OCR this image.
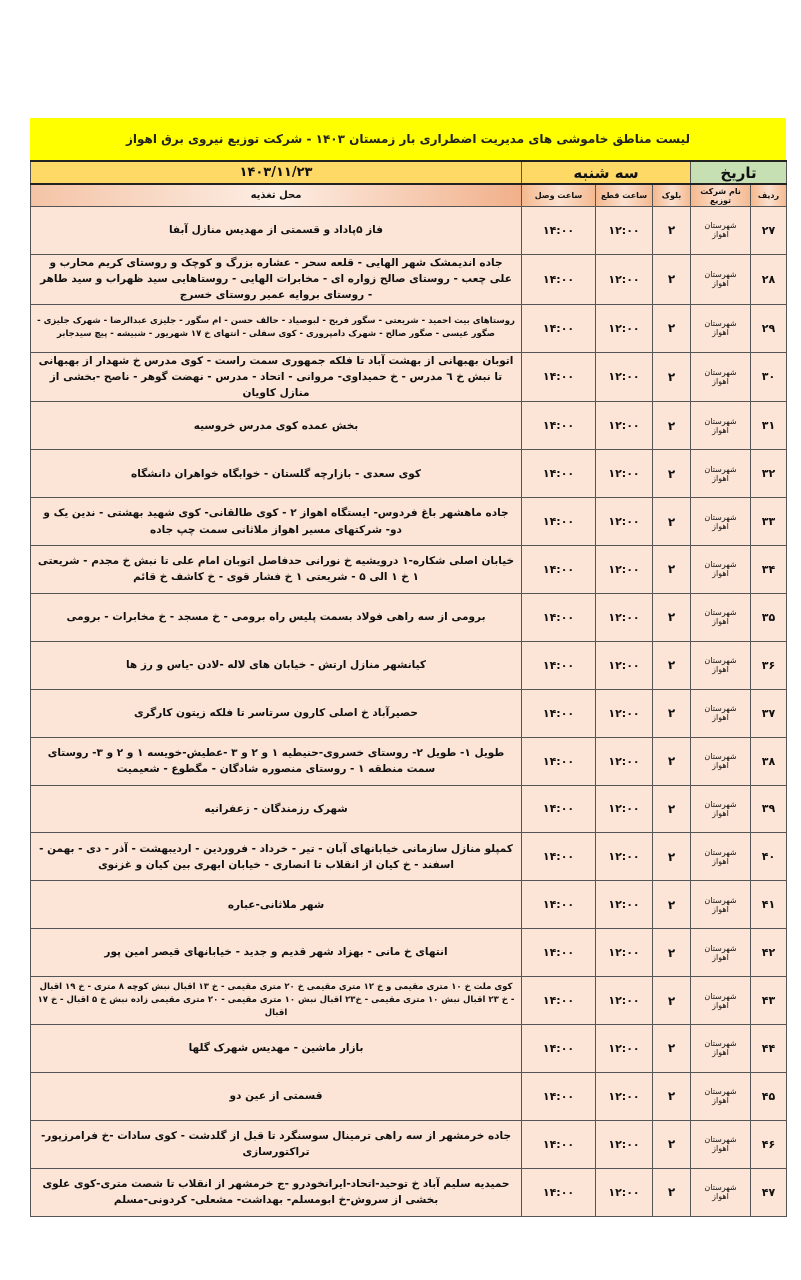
لیست مناطق خاموشی های مدیریت اضطراری بار زمستان ۱۴۰۳ - شرکت توزیع نیروی برق اهواز
تاریخ		سه شنبه			۱۴۰۳/۱۱/۲۳
ردیف	نام شرکت توزیع	بلوک	ساعت قطع	ساعت وصل	محل تغذیه
۲۷	شهرستان اهواز	۲	۱۲:۰۰	۱۴:۰۰	فاز ۵پاداد و قسمتی از مهدیس منازل آبفا
۲۸	شهرستان اهواز	۲	۱۲:۰۰	۱۴:۰۰	جاده اندیمشک شهر الهایی - قلعه سحر - عشاره بزرگ و کوچک و روستای کریم محارب و علی چعب - روستای صالح زواره ای - مخابرات الهایی - روستاهایی سید ظهراب و سید طاهر - روستای بروایه عمیر روستای خسرج
۲۹	شهرستان اهواز	۲	۱۲:۰۰	۱۴:۰۰	روستاهای بیت احمید - شریعتی - سگور فریح - لبوصیاد - حالف حسن - ام سگور - جلیزی عبدالرضا - شهرک جلیزی - صگور عیسی - صگور صالح - شهرک دامپروری - کوی سفلی - انتهای خ ۱۷ شهریور - شبیشه - پیچ سیدجابر
۳۰	شهرستان اهواز	۲	۱۲:۰۰	۱۴:۰۰	اتوبان بهبهانی از بهشت آباد تا فلکه جمهوری سمت راست - کوی مدرس خ شهدار از بهبهانی تا نبش خ ٦ مدرس - خ حمیداوی- مروانی - اتحاد - مدرس - نهضت گوهر - ناصح -بخشی از منازل کاویان
۳۱	شهرستان اهواز	۲	۱۲:۰۰	۱۴:۰۰	بخش عمده کوی مدرس خروسیه
۳۲	شهرستان اهواز	۲	۱۲:۰۰	۱۴:۰۰	کوی سعدی - بازارچه گلستان - خوابگاه خواهران دانشگاه
۳۳	شهرستان اهواز	۲	۱۲:۰۰	۱۴:۰۰	جاده ماهشهر باغ فردوس- ایستگاه اهواز ۲ - کوی طالقانی- کوی شهید بهشتی - ندین یک و دو- شرکتهای مسیر اهواز ملاثانی سمت چپ جاده
۳۴	شهرستان اهواز	۲	۱۲:۰۰	۱۴:۰۰	خیابان اصلی شکاره-۱ درویشیه خ نورانی حدفاصل اتوبان امام علی تا نبش خ مجدم - شریعتی ۱ خ ۱ الی ۵ - شریعتی ۱ خ فشار قوی - خ کاشف خ قائم
۳۵	شهرستان اهواز	۲	۱۲:۰۰	۱۴:۰۰	برومی از سه راهی فولاد بسمت پلیس راه برومی - خ مسجد - خ مخابرات - برومی
۳۶	شهرستان اهواز	۲	۱۲:۰۰	۱۴:۰۰	کیانشهر منازل ارتش - خیابان های لاله -لادن -یاس و رز ها
۳۷	شهرستان اهواز	۲	۱۲:۰۰	۱۴:۰۰	حصیرآباد خ اصلی کارون سرتاسر تا فلکه زیتون کارگری
۳۸	شهرستان اهواز	۲	۱۲:۰۰	۱۴:۰۰	طویل ۱- طویل ۲- روستای خسروی-حنیطیه ۱ و ۲ و ۳ -عطیش-خویسه ۱ و ۲ و ۳- روستای سمت منطقه ۱ - روستای منصوره شادگان - مگطوع - شعیمیت
۳۹	شهرستان اهواز	۲	۱۲:۰۰	۱۴:۰۰	شهرک رزمندگان - زعفرانیه
۴۰	شهرستان اهواز	۲	۱۲:۰۰	۱۴:۰۰	کمپلو منازل سازمانی خیابانهای آبان - تیر - خرداد - فروردین - اردیبهشت - آذر - دی - بهمن - اسفند - خ کیان از انقلاب تا انصاری - خیابان ابهری بین کیان و غزنوی
۴۱	شهرستان اهواز	۲	۱۲:۰۰	۱۴:۰۰	شهر ملاثانی-عباره
۴۲	شهرستان اهواز	۲	۱۲:۰۰	۱۴:۰۰	انتهای خ مانی - بهزاد شهر قدیم و جدید - خیابانهای قیصر امین پور
۴۳	شهرستان اهواز	۲	۱۲:۰۰	۱۴:۰۰	کوی ملت خ ۱۰ متری مقیمی و خ ۱۲ متری مقیمی خ ۲۰ متری مقیمی - خ ۱۳ اقبال نبش کوچه ۸ متری - خ ۱۹ اقبال - خ ۲۳ اقبال نبش ۱۰ متری مقیمی - خ۲۳ اقبال نبش ۱۰ متری مقیمی - ۲۰ متری مقیمی زاده نبش خ ۵ اقبال - خ ۱۷ اقبال
۴۴	شهرستان اهواز	۲	۱۲:۰۰	۱۴:۰۰	بازار ماشین - مهدیس شهرک گلها
۴۵	شهرستان اهواز	۲	۱۲:۰۰	۱۴:۰۰	قسمتی از عین دو
۴۶	شهرستان اهواز	۲	۱۲:۰۰	۱۴:۰۰	جاده خرمشهر از سه راهی ترمینال سوسنگرد تا قبل از گلدشت - کوی سادات -خ فرامرزپور-تراکتورسازی
۴۷	شهرستان اهواز	۲	۱۲:۰۰	۱۴:۰۰	حمیدیه سلیم آباد خ توحید-اتحاد-ایرانخودرو -ج خرمشهر از انقلاب تا شصت متری-کوی علوی بخشی از سروش-خ ابومسلم- بهداشت- مشعلی- کردونی-مسلم
